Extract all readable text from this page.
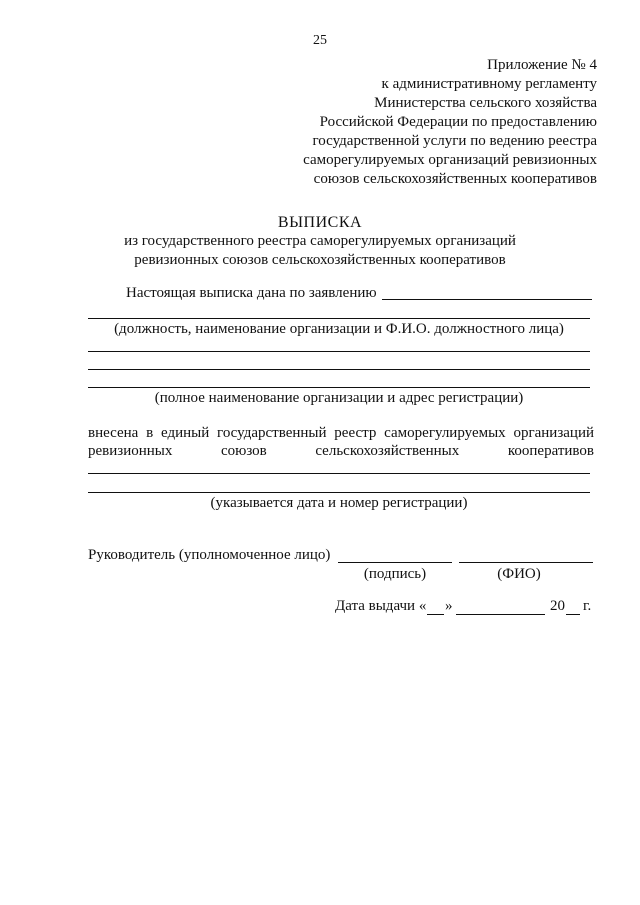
25
Приложение № 4
к административному регламенту
Министерства сельского хозяйства
Российской Федерации по предоставлению
государственной услуги по ведению реестра
саморегулируемых организаций ревизионных
союзов сельскохозяйственных кооперативов
ВЫПИСКА
из государственного реестра саморегулируемых организаций
ревизионных союзов сельскохозяйственных кооперативов
Настоящая выписка дана по заявлению
(должность, наименование организации и Ф.И.О. должностного лица)
(полное наименование организации и адрес регистрации)
внесена в единый государственный реестр саморегулируемых организаций
ревизионных	союзов	сельскохозяйственных	кооперативов
(указывается дата и номер регистрации)
Руководитель (уполномоченное лицо)
(подпись)	(ФИО)
Дата выдачи « »	20 г.
